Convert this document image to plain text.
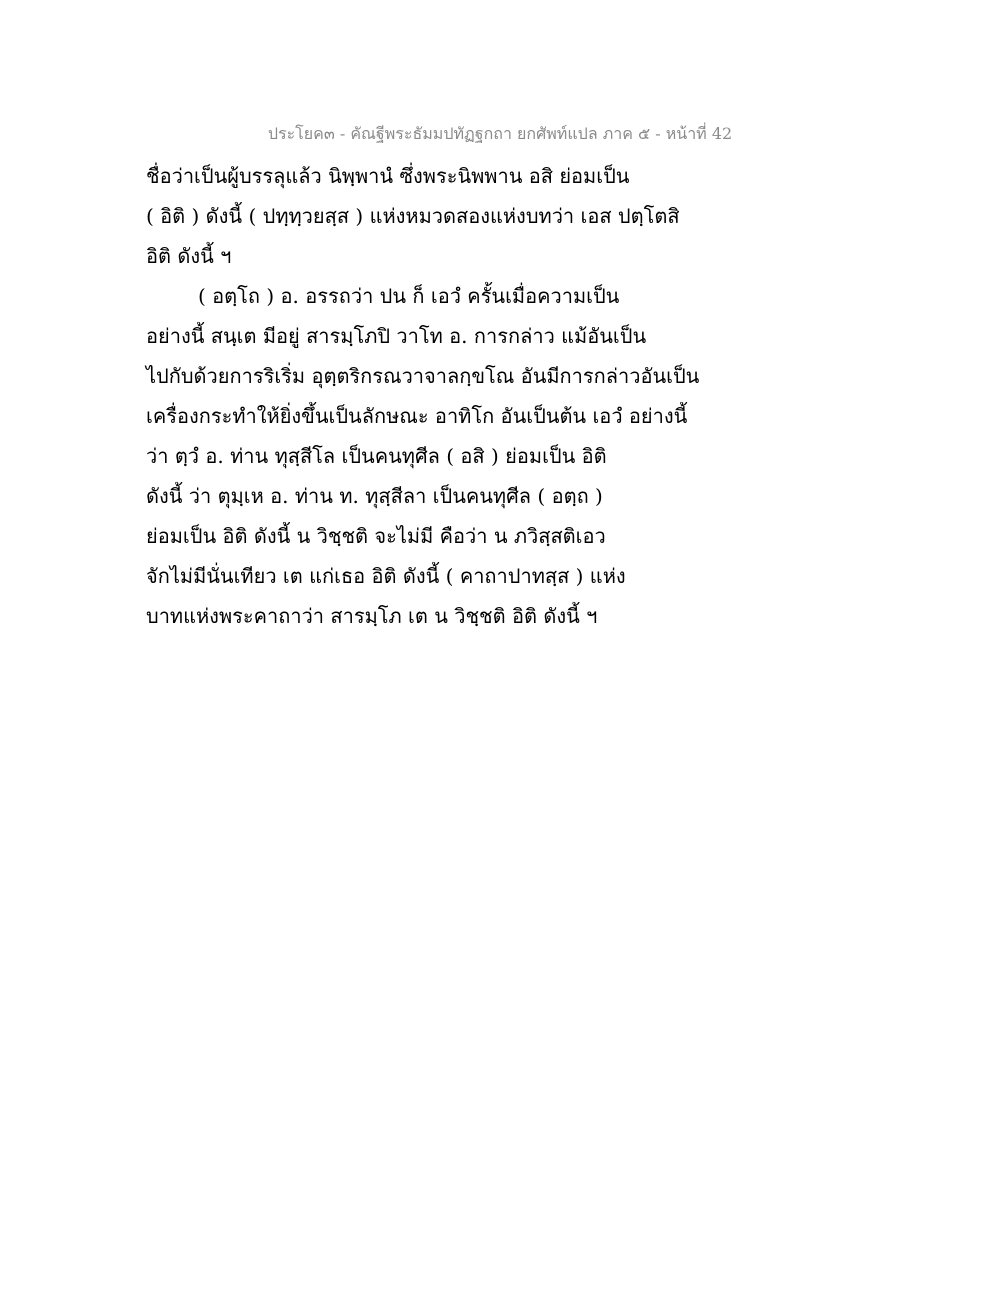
ประโยค๓ - คัณฐีพระธัมมปทัฏฐกถา ยกศัพท์แปล ภาค ๕ - หน้าที่ 42
ชื่อว่าเป็นผู้บรรลุแล้ว นิพฺพานํ ซึ่งพระนิพพาน อสิ ย่อมเป็น
( อิติ ) ดังนี้ ( ปทฺทฺวยสฺส ) แห่งหมวดสองแห่งบทว่า เอส ปตฺโตสิ
อิติ ดังนี้ ฯ
( อตฺโถ ) อ. อรรถว่า ปน ก็ เอวํ ครั้นเมื่อความเป็น
อย่างนี้ สนฺเต มีอยู่ สารมฺโภปิ วาโท อ. การกล่าว แม้อันเป็น
ไปกับด้วยการริเริ่ม อุตฺตริกรณวาจาลกฺขโณ อันมีการกล่าวอันเป็น
เครื่องกระทำให้ยิ่งขึ้นเป็นลักษณะ อาทิโก อันเป็นต้น เอวํ อย่างนี้
ว่า ตฺวํ อ. ท่าน ทุสฺสีโล เป็นคนทุศีล ( อสิ ) ย่อมเป็น อิติ
ดังนี้ ว่า ตุมฺเห อ. ท่าน ท. ทุสฺสีลา เป็นคนทุศีล ( อตฺถ )
ย่อมเป็น อิติ ดังนี้ น วิชฺชติ จะไม่มี คือว่า น ภวิสฺสติเอว
จักไม่มีนั่นเทียว เต แก่เธอ อิติ ดังนี้ ( คาถาปาทสฺส ) แห่ง
บาทแห่งพระคาถาว่า สารมฺโภ เต น วิชฺชติ อิติ ดังนี้ ฯ
